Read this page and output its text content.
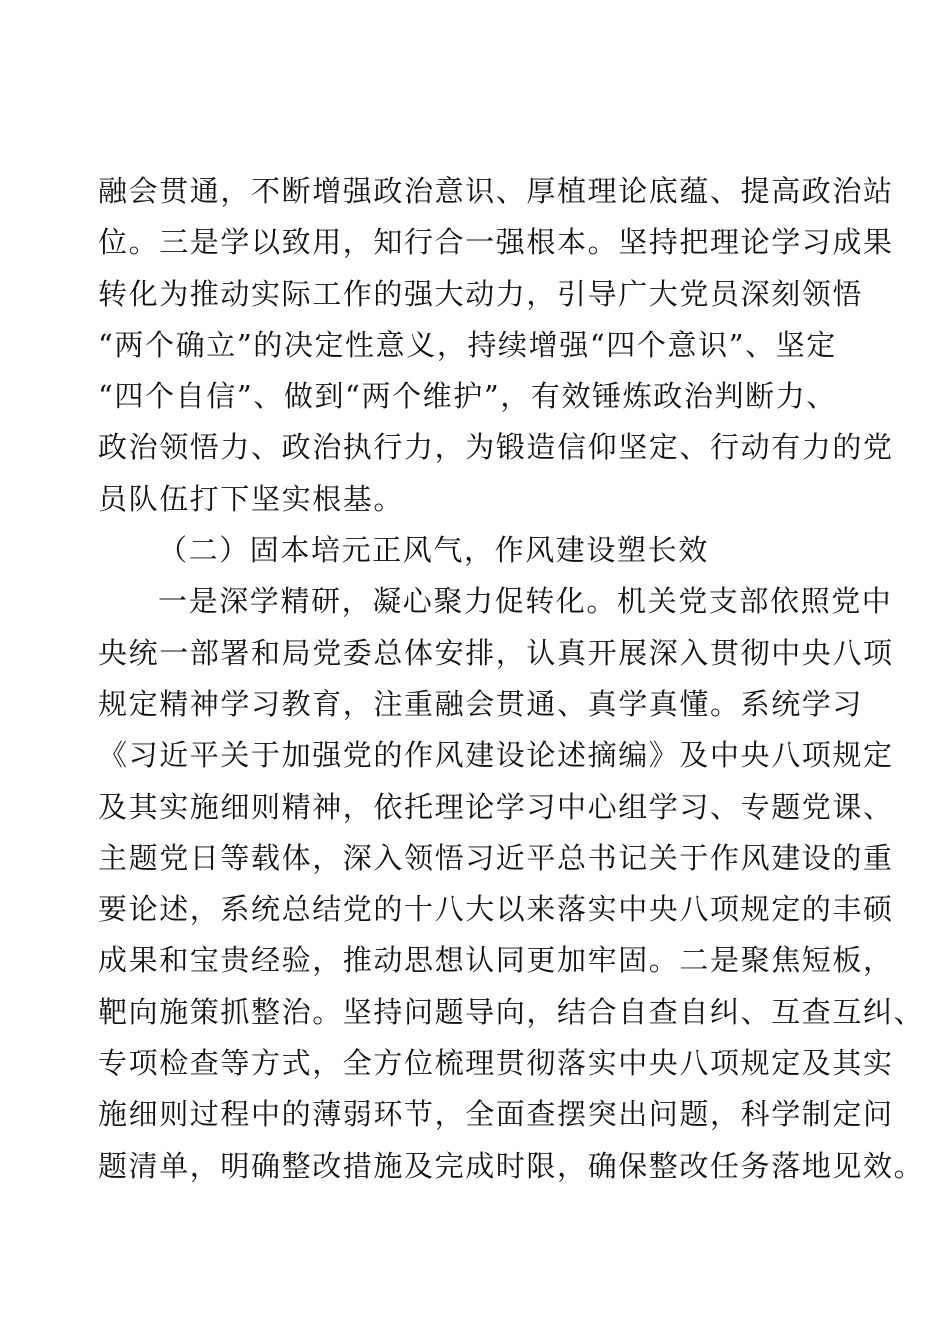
融会贯通，不断增强政治意识、厚植理论底蕴、提高政治站
位。三是学以致用，知行合一强根本。坚持把理论学习成果
转化为推动实际工作的强大动力，引导广大党员深刻领悟
“两个确立”的决定性意义，持续增强“四个意识”、坚定
“四个自信”、做到“两个维护”，有效锤炼政治判断力、
政治领悟力、政治执行力，为锻造信仰坚定、行动有力的党
员队伍打下坚实根基。
（二）固本培元正风气，作风建设塑长效
一是深学精研，凝心聚力促转化。机关党支部依照党中
央统一部署和局党委总体安排，认真开展深入贯彻中央八项
规定精神学习教育，注重融会贯通、真学真懂。系统学习
《习近平关于加强党的作风建设论述摘编》及中央八项规定
及其实施细则精神，依托理论学习中心组学习、专题党课、
主题党日等载体，深入领悟习近平总书记关于作风建设的重
要论述，系统总结党的十八大以来落实中央八项规定的丰硕
成果和宝贵经验，推动思想认同更加牢固。二是聚焦短板，
靶向施策抓整治。坚持问题导向，结合自查自纠、互查互纠、
专项检查等方式，全方位梳理贯彻落实中央八项规定及其实
施细则过程中的薄弱环节，全面查摆突出问题，科学制定问
题清单，明确整改措施及完成时限，确保整改任务落地见效。
